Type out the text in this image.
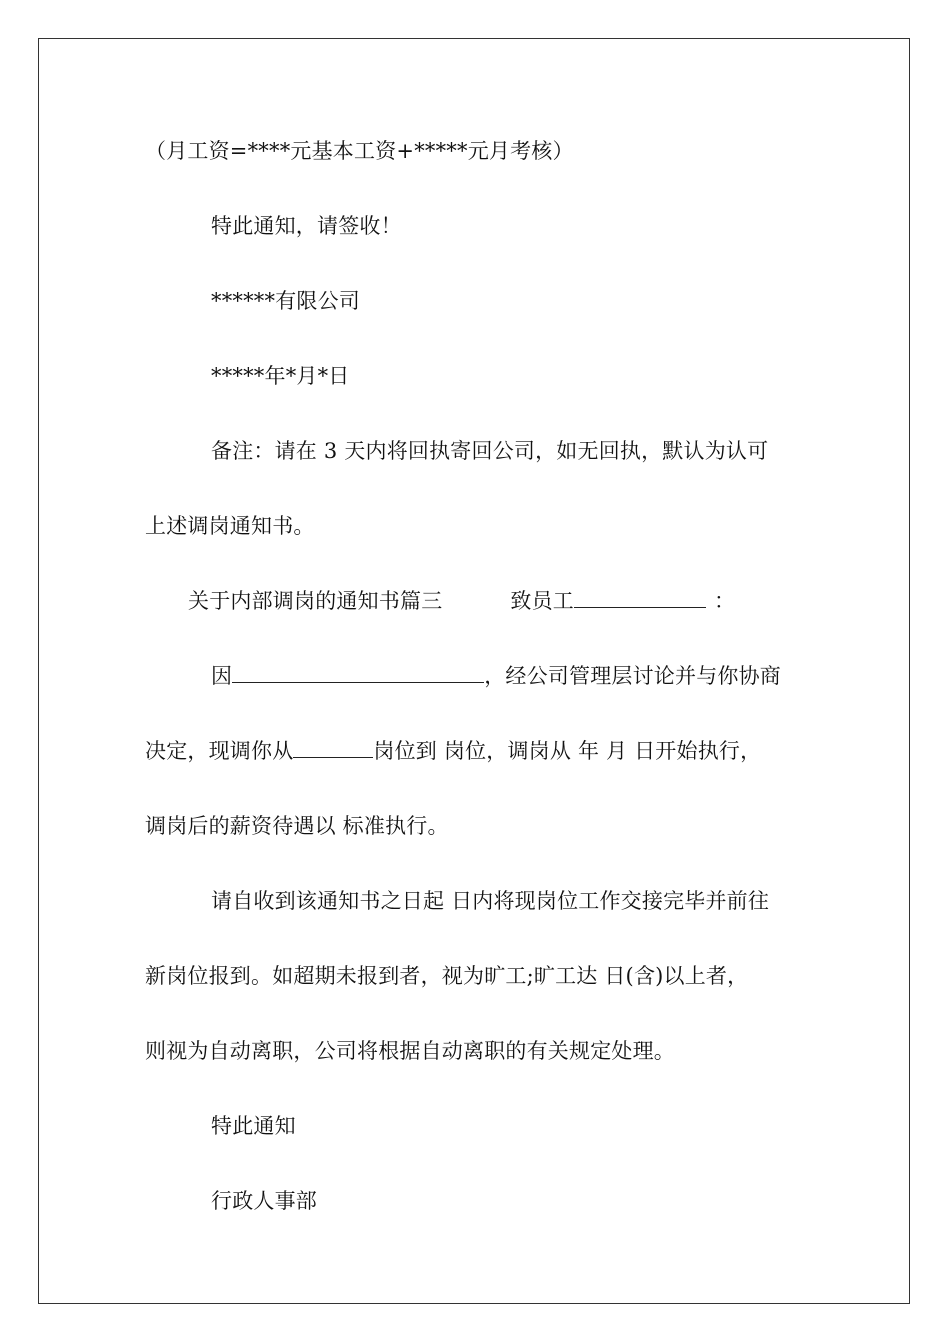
（月工资=****元基本工资+*****元月考核）
特此通知，请签收！
******有限公司
*****年*月*日
备注：请在 3 天内将回执寄回公司，如无回执，默认为认可
上述调岗通知书。
关于内部调岗的通知书篇三	致员工	：
因	，经公司管理层讨论并与你协商
决定，现调你从	岗位到 岗位，调岗从 年 月 日开始执行，
调岗后的薪资待遇以 标准执行。
请自收到该通知书之日起 日内将现岗位工作交接完毕并前往
新岗位报到。如超期未报到者，视为旷工;旷工达 日(含)以上者，
则视为自动离职，公司将根据自动离职的有关规定处理。
特此通知
行政人事部
